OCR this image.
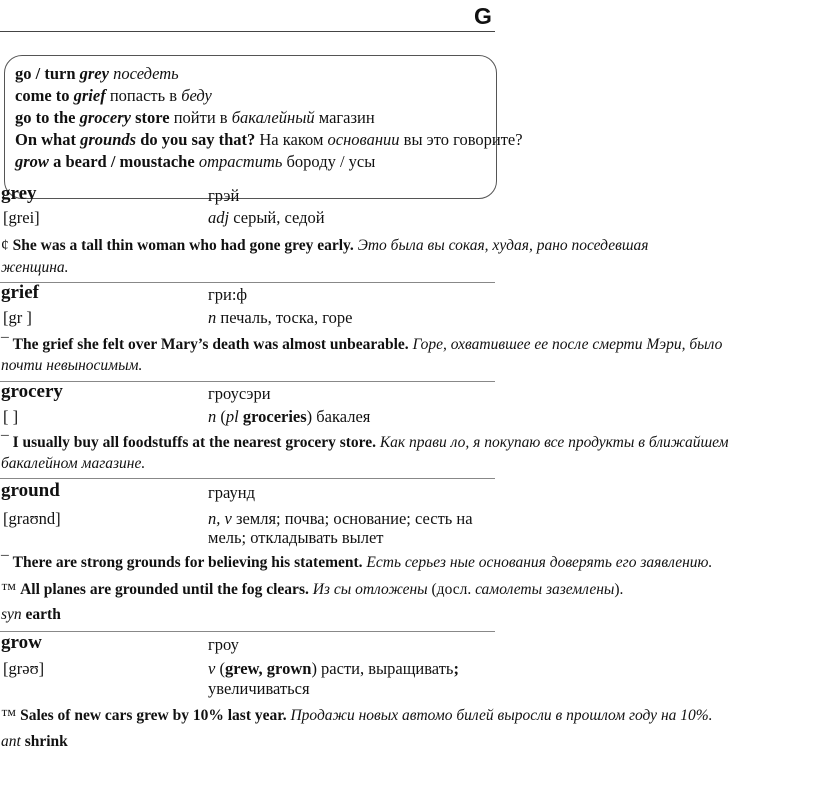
G
go / turn grey поседеть
come to grief попасть в беду
go to the grocery store пойти в бакалейный магазин
On what grounds do you say that? На каком основании вы это говорите?
grow a beard / moustache отрастить бороду / усы
grey	грэй
[grei]	adj серый, седой
¢ She was a tall thin woman who had gone grey early. Это была вы сокая, худая, рано поседевшая
женщина.
grief	гри:ф
[gr ]	n печаль, тоска, горе
¯ The grief she felt over Mary’s death was almost unbearable. Горе, охватившее ее после смерти Мэри, было
почти невыносимым.
grocery	гроусэри
[ ]	n (pl groceries) бакалея
¯ I usually buy all foodstuffs at the nearest grocery store. Как прави ло, я покупаю все продукты в ближайшем
бакалейном магазине.
ground	граунд
[graʊnd]	n, v земля; почва; основание; сесть на
мель; откладывать вылет
¯ There are strong grounds for believing his statement. Есть серьез ные основания доверять его заявлению.
™ All planes are grounded until the fog clears. Из сы отложены (досл. самолеты заземлены).
syn earth
grow	гроу
[grəʊ]	v (grew, grown) расти, выращивать;
увеличиваться
™ Sales of new cars grew by 10% last year. Продажи новых автомо билей выросли в прошлом году на 10%.
ant shrink
